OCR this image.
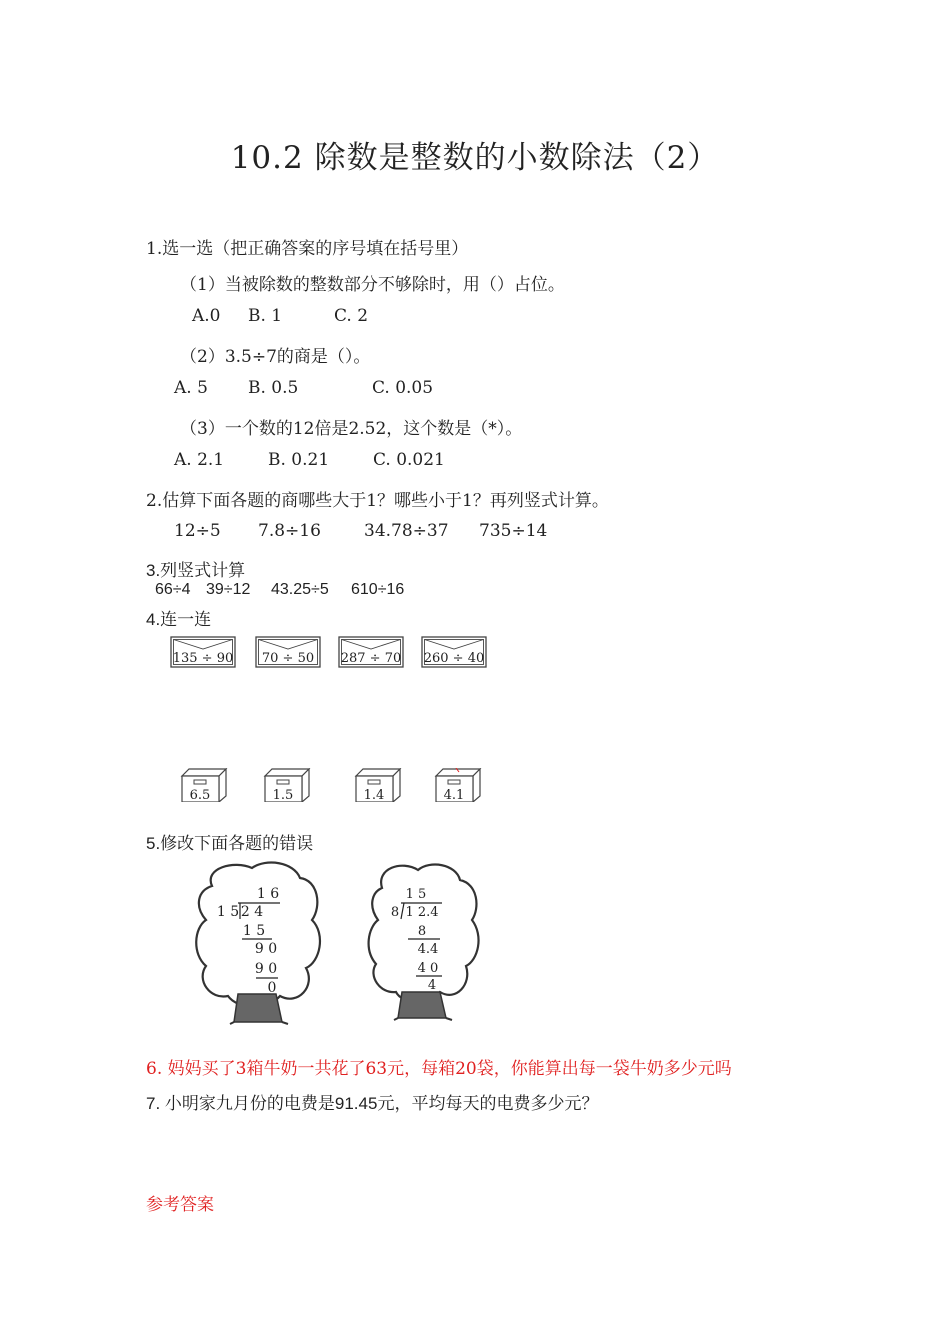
10.2 除数是整数的小数除法（2）
1.选一选（把正确答案的序号填在括号里）
（1）当被除数的整数部分不够除时，用（）占位。
A.0 B. 1	C. 2
（2）3.5÷7的商是（）。
A. 5 B. 0.5	C. 0.05
（3）一个数的12倍是2.52，这个数是（*）。
A. 2.1	B. 0.21	C. 0.021
2.估算下面各题的商哪些大于1？哪些小于1？再列竖式计算。
12÷5 7.8÷16	34.78÷37 735÷14
3.列竖式计算
66÷4 39÷12 43.25÷5 610÷16
4.连一连
135 ÷ 90 70 ÷ 50 287 ÷ 70 260 ÷ 40
6.5	1.5	1.4	4.1
5.修改下面各题的错误
1 6
1 5 2 4
1 5
9 0
9 0
0
1 5
8 1 2.4
8
4.4
4 0
4
6. 妈妈买了3箱牛奶一共花了63元，每箱20袋，你能算出每一袋牛奶多少元吗
7. 小明家九月份的电费是91.45元，平均每天的电费多少元？
参考答案
